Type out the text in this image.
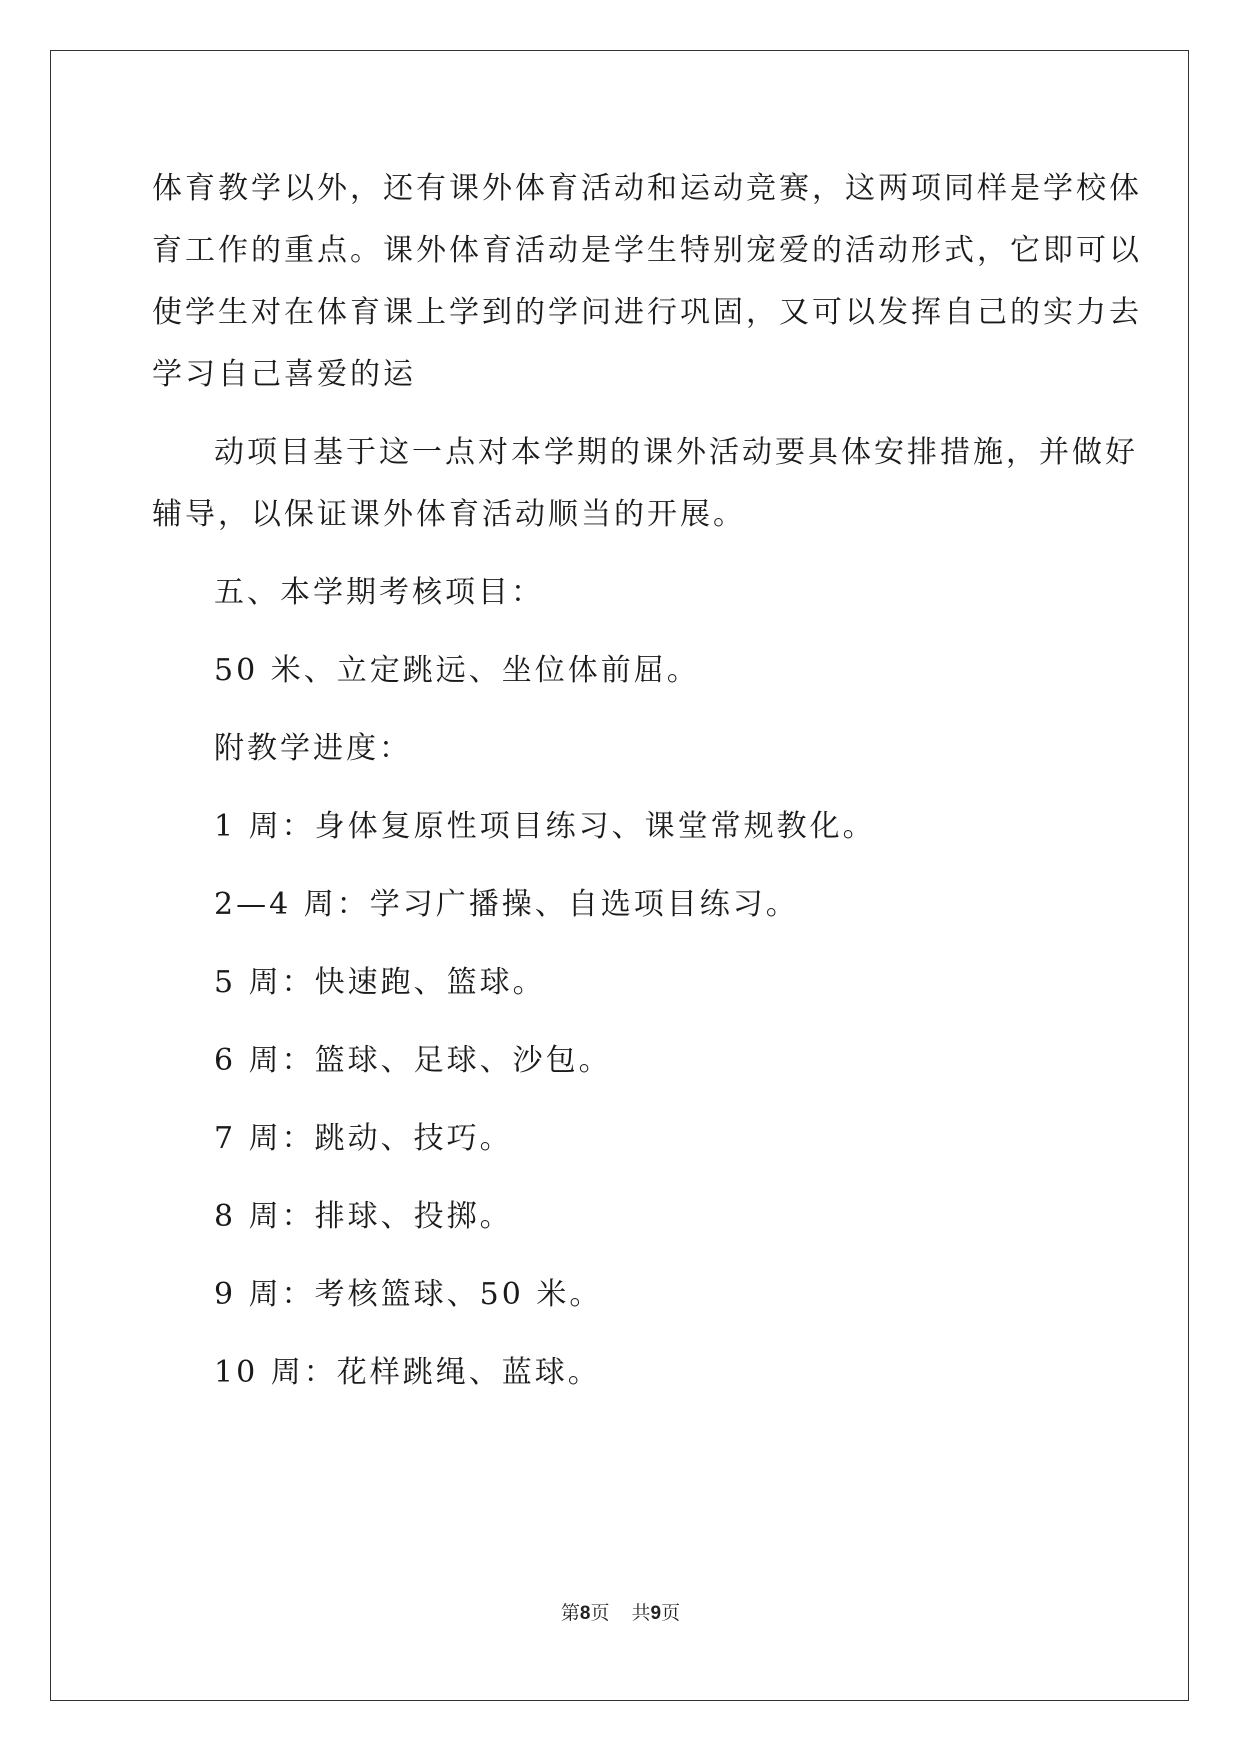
体育教学以外，还有课外体育活动和运动竞赛，这两项同样是学校体
育工作的重点。课外体育活动是学生特别宠爱的活动形式，它即可以
使学生对在体育课上学到的学问进行巩固，又可以发挥自己的实力去
学习自己喜爱的运

动项目基于这一点对本学期的课外活动要具体安排措施，并做好
辅导，以保证课外体育活动顺当的开展。

五、本学期考核项目：

50 米、立定跳远、坐位体前屈。

附教学进度：

1 周：身体复原性项目练习、课堂常规教化。

2—4 周：学习广播操、自选项目练习。

5 周：快速跑、篮球。

6 周：篮球、足球、沙包。

7 周：跳动、技巧。

8 周：排球、投掷。

9 周：考核篮球、50 米。

10 周：花样跳绳、蓝球。

第8页 共9页
